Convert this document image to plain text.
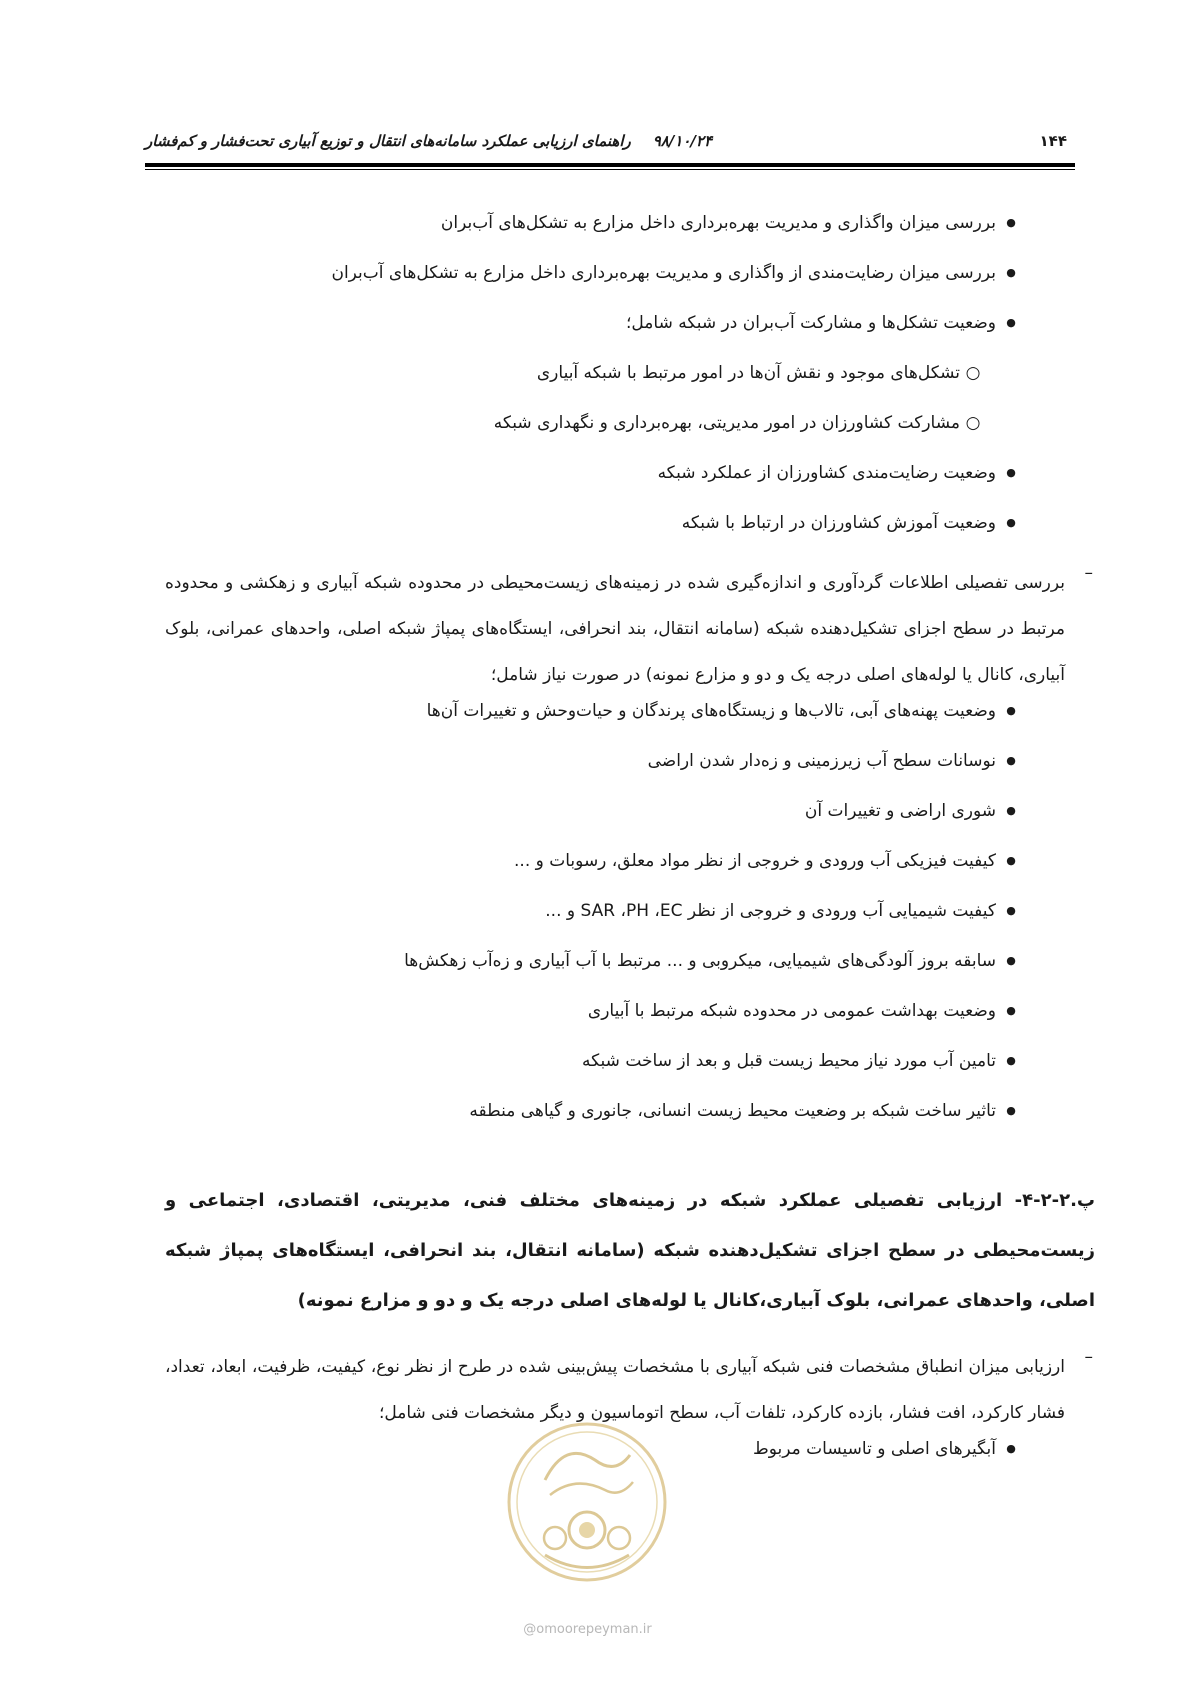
۱۴۴
۹۸/۱۰/۲۴راهنمای ارزیابی عملکرد سامانه‌های انتقال و توزیع آبیاری تحت‌فشار و کم‌فشار
●
بررسی میزان واگذاری و مدیریت بهره‌برداری داخل مزارع به تشکل‌های آب‌بران
●
بررسی میزان رضایت‌مندی از واگذاری و مدیریت بهره‌برداری داخل مزارع به تشکل‌های آب‌بران
●
وضعیت تشکل‌ها و مشارکت آب‌بران در شبکه شامل؛
○
تشکل‌های موجود و نقش آن‌ها در امور مرتبط با شبکه آبیاری
○
مشارکت کشاورزان در امور مدیریتی، بهره‌برداری و نگهداری شبکه
●
وضعیت رضایت‌مندی کشاورزان از عملکرد شبکه
●
وضعیت آموزش کشاورزان در ارتباط با شبکه
–
بررسی تفصیلی اطلاعات گردآوری و اندازه‌گیری شده در زمینه‌های زیست‌محیطی در محدوده شبکه آبیاری و زهکشی و محدوده مرتبط در سطح اجزای تشکیل‌دهنده شبکه (سامانه انتقال، بند انحرافی، ایستگاه‌های پمپاژ شبکه اصلی، واحدهای عمرانی، بلوک آبیاری، کانال یا لوله‌های اصلی درجه یک و دو و مزارع نمونه) در صورت نیاز شامل؛
●
وضعیت پهنه‌های آبی، تالاب‌ها و زیستگاه‌های پرندگان و حیات‌وحش و تغییرات آن‌ها
●
نوسانات سطح آب زیرزمینی و زه‌دار شدن اراضی
●
شوری اراضی و تغییرات آن
●
کیفیت فیزیکی آب ورودی و خروجی از نظر مواد معلق، رسوبات و ...
●
کیفیت شیمیایی آب ورودی و خروجی از نظر SAR ،PH ،EC و ...
●
سابقه بروز آلودگی‌های شیمیایی، میکروبی و ... مرتبط با آب آبیاری و زه‌آب زهکش‌ها
●
وضعیت بهداشت عمومی در محدوده شبکه مرتبط با آبیاری
●
تامین آب مورد نیاز محیط زیست قبل و بعد از ساخت شبکه
●
تاثیر ساخت شبکه بر وضعیت محیط زیست انسانی، جانوری و گیاهی منطقه
پ.۲-۲-۴- ارزیابی تفصیلی عملکرد شبکه در زمینه‌های مختلف فنی، مدیریتی، اقتصادی، اجتماعی و زیست‌محیطی در سطح اجزای تشکیل‌دهنده شبکه (سامانه انتقال، بند انحرافی، ایستگاه‌های پمپاژ شبکه اصلی، واحدهای عمرانی، بلوک آبیاری،کانال یا لوله‌های اصلی درجه یک و دو و مزارع نمونه)
–
ارزیابی میزان انطباق مشخصات فنی شبکه آبیاری با مشخصات پیش‌بینی شده در طرح از نظر نوع، کیفیت، ظرفیت، ابعاد، تعداد، فشار کارکرد، افت فشار، بازده کارکرد، تلفات آب، سطح اتوماسیون و دیگر مشخصات فنی شامل؛
●
آبگیرهای اصلی و تاسیسات مربوط
@omoorepeyman.ir
